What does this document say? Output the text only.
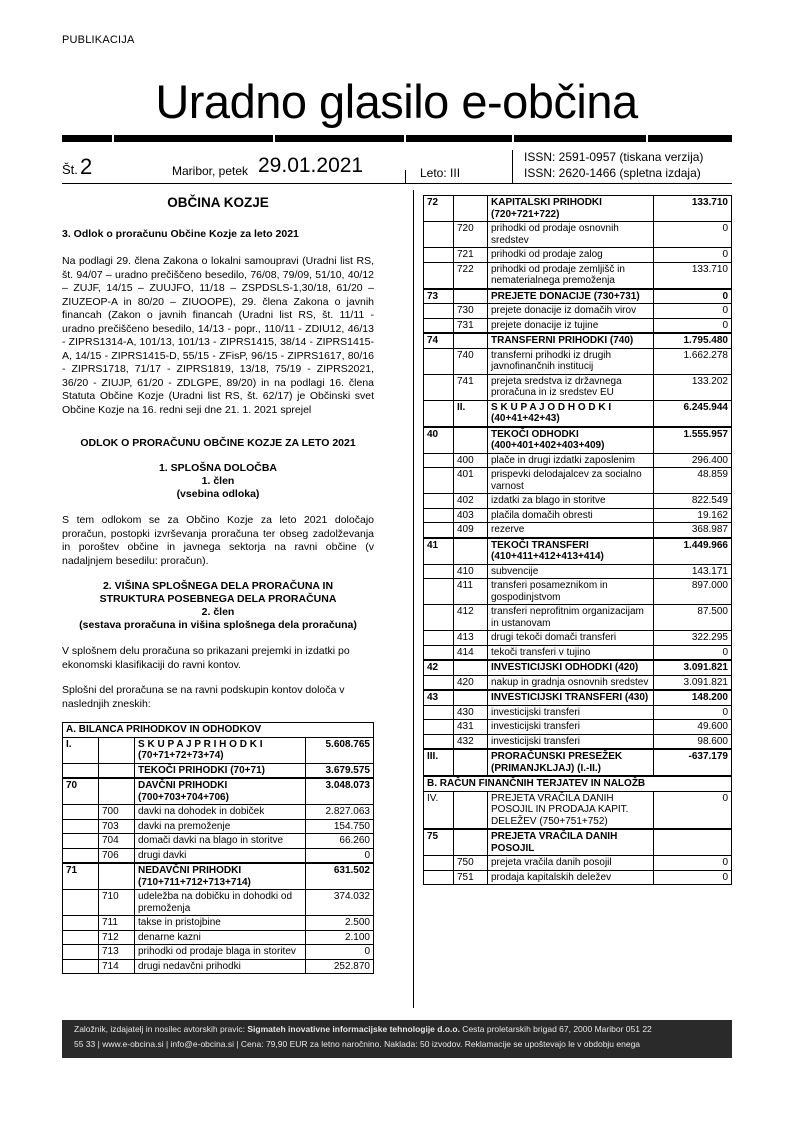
PUBLIKACIJA
Uradno glasilo e-občina
Št. 2	Maribor, petek 29.01.2021	Leto: III
ISSN: 2591-0957 (tiskana verzija)
ISSN: 2620-1466 (spletna izdaja)
OBČINA KOZJE
3. Odlok o proračunu Občine Kozje za leto 2021
Na podlagi 29. člena Zakona o lokalni samoupravi (Uradni list RS, št. 94/07 – uradno prečiščeno besedilo, 76/08, 79/09, 51/10, 40/12 – ZUJF, 14/15 – ZUUJFO, 11/18 – ZSPDSLS-1,30/18, 61/20 – ZIUZEOP-A in 80/20 – ZIUOOPE), 29. člena Zakona o javnih financah (Zakon o javnih financah (Uradni list RS, št. 11/11 - uradno prečiščeno besedilo, 14/13 - popr., 110/11 - ZDIU12, 46/13 - ZIPRS1314-A, 101/13, 101/13 - ZIPRS1415, 38/14 - ZIPRS1415-A, 14/15 - ZIPRS1415-D, 55/15 - ZFisP, 96/15 - ZIPRS1617, 80/16 - ZIPRS1718, 71/17 - ZIPRS1819, 13/18, 75/19 - ZIPRS2021, 36/20 - ZIUJP, 61/20 - ZDLGPE, 89/20) in na podlagi 16. člena Statuta Občine Kozje (Uradni list RS, št. 62/17) je Občinski svet Občine Kozje na 16. redni seji dne 21. 1. 2021 sprejel
ODLOK O PRORAČUNU OBČINE KOZJE ZA LETO 2021
1. SPLOŠNA DOLOČBA
1. člen
(vsebina odloka)
S tem odlokom se za Občino Kozje za leto 2021 določajo proračun, postopki izvrševanja proračuna ter obseg zadolževanja in poroštev občine in javnega sektorja na ravni občine (v nadaljnjem besedilu: proračun).
2. VIŠINA SPLOŠNEGA DELA PRORAČUNA IN
STRUKTURA POSEBNEGA DELA PRORAČUNA
2. člen
(sestava proračuna in višina splošnega dela proračuna)
V splošnem delu proračuna so prikazani prejemki in izdatki po ekonomski klasifikaciji do ravni kontov.
Splošni del proračuna se na ravni podskupin kontov določa v naslednjih zneskih:
A. BILANCA PRIHODKOV IN ODHODKOV			
I.		S K U P A J P R I H O D K I (70+71+72+73+74)	5.608.765
		TEKOČI PRIHODKI (70+71)	3.679.575
70		DAVČNI PRIHODKI (700+703+704+706)	3.048.073
	700	davki na dohodek in dobiček	2.827.063
	703	davki na premoženje	154.750
	704	domači davki na blago in storitve	66.260
	706	drugi davki	0
71		NEDAVČNI PRIHODKI (710+711+712+713+714)	631.502
	710	udeležba na dobičku in dohodki od premoženja	374.032
	711	takse in pristojbine	2.500
	712	denarne kazni	2.100
	713	prihodki od prodaje blaga in storitev	0
	714	drugi nedavčni prihodki	252.870
72		KAPITALSKI PRIHODKI (720+721+722)	133.710
	720	prihodki od prodaje osnovnih sredstev	0
	721	prihodki od prodaje zalog	0
	722	prihodki od prodaje zemljišč in nematerialnega premoženja	133.710
73		PREJETE DONACIJE (730+731)	0
	730	prejete donacije iz domačih virov	0
	731	prejete donacije iz tujine	0
74		TRANSFERNI PRIHODKI (740)	1.795.480
	740	transferni prihodki iz drugih javnofinančnih institucij	1.662.278
	741	prejeta sredstva iz državnega proračuna in iz sredstev EU	133.202
	II.	S K U P A J O D H O D K I (40+41+42+43)	6.245.944
40		TEKOČI ODHODKI (400+401+402+403+409)	1.555.957
	400	plače in drugi izdatki zaposlenim	296.400
	401	prispevki delodajalcev za socialno varnost	48.859
	402	izdatki za blago in storitve	822.549
	403	plačila domačih obresti	19.162
	409	rezerve	368.987
41		TEKOČI TRANSFERI (410+411+412+413+414)	1.449.966
	410	subvencije	143.171
	411	transferi posameznikom in gospodinjstvom	897.000
	412	transferi neprofitnim organizacijam in ustanovam	87.500
	413	drugi tekoči domači transferi	322.295
	414	tekoči transferi v tujino	0
42		INVESTICIJSKI ODHODKI (420)	3.091.821
	420	nakup in gradnja osnovnih sredstev	3.091.821
43		INVESTICIJSKI TRANSFERI (430)	148.200
	430	investicijski transferi	0
	431	investicijski transferi	49.600
	432	investicijski transferi	98.600
III.		PRORAČUNSKI PRESEŽEK (PRIMANJKLJAJ) (I.-II.)	-637.179
B. RAČUN FINANČNIH TERJATEV IN NALOŽB			
IV.		PREJETA VRAČILA DANIH POSOJIL IN PRODAJA KAPIT. DELEŽEV (750+751+752)	0
75		PREJETA VRAČILA DANIH POSOJIL	
	750	prejeta vračila danih posojil	0
	751	prodaja kapitalskih deležev	0
Založnik, izdajatelj in nosilec avtorskih pravic: Sigmateh inovativne informacijske tehnologije d.o.o. Cesta proletarskih brigad 67, 2000 Maribor 051 22
55 33 | www.e-obcina.si | info@e-obcina.si | Cena: 79,90 EUR za letno naročnino. Naklada: 50 izvodov. Reklamacije se upoštevajo le v obdobju enega
